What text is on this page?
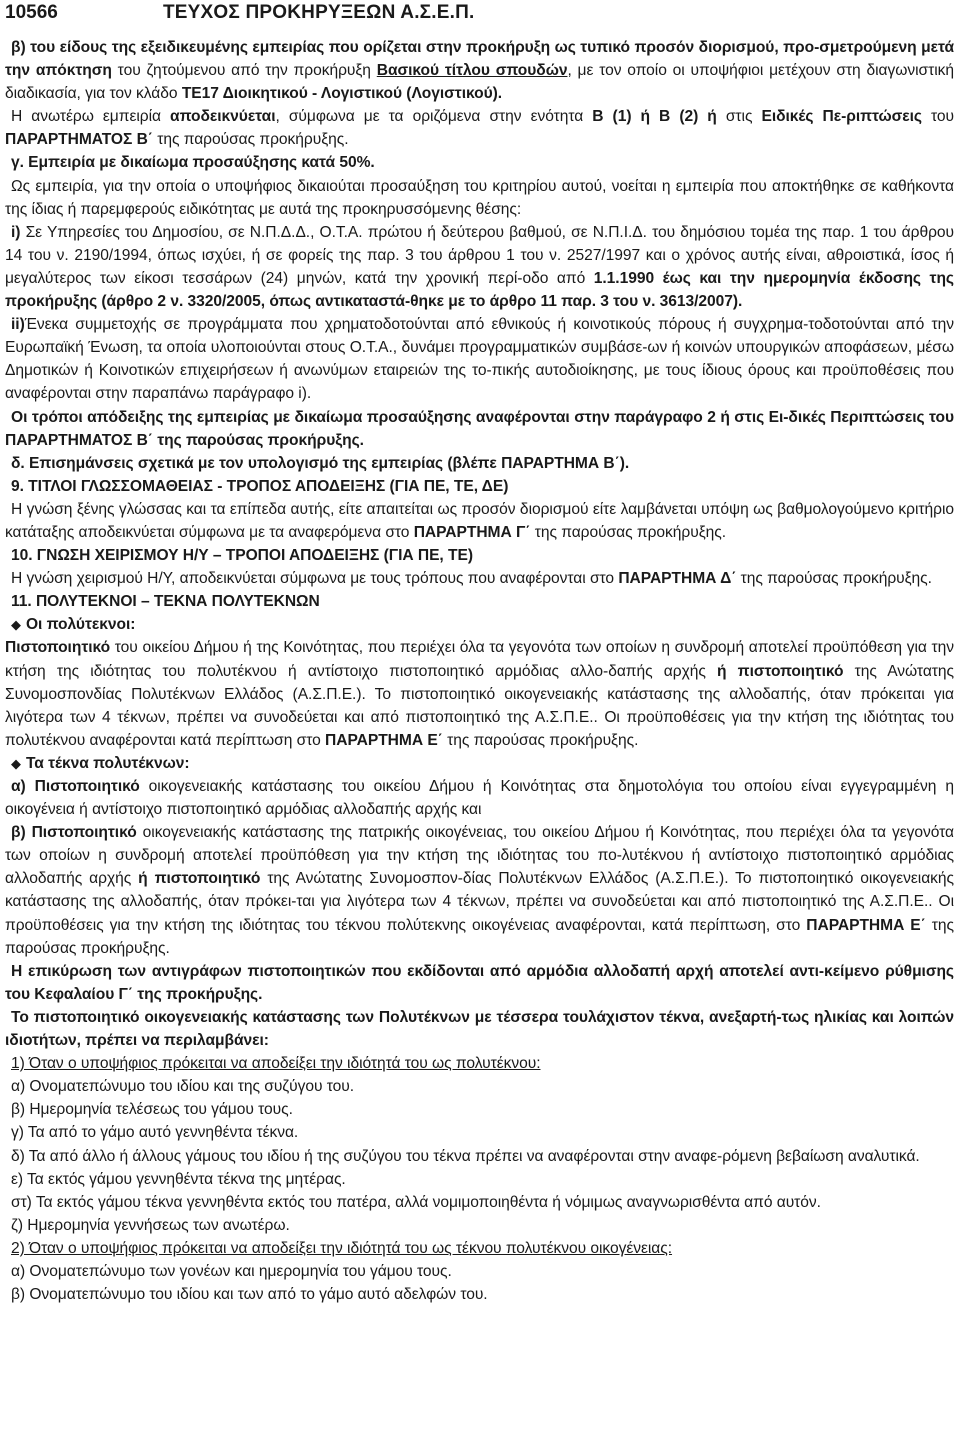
10566	ΤΕΥΧΟΣ ΠΡΟΚΗΡΥΞΕΩΝ Α.Σ.Ε.Π.

β) του είδους της εξειδικευμένης εμπειρίας που ορίζεται στην προκήρυξη ως τυπικό προσόν διορισμού, προ-σμετρούμενη μετά την απόκτηση του ζητούμενου από την προκήρυξη Βασικού τίτλου σπουδών, με τον οποίο οι υποψήφιοι μετέχουν στη διαγωνιστική διαδικασία, για τον κλάδο ΤΕ17 Διοικητικού - Λογιστικού (Λογιστικού).

Η ανωτέρω εμπειρία αποδεικνύεται, σύμφωνα με τα οριζόμενα στην ενότητα Β (1) ή Β (2) ή στις Ειδικές Πε-ριπτώσεις του ΠΑΡΑΡΤΗΜΑΤΟΣ Β΄ της παρούσας προκήρυξης.

γ. Εμπειρία με δικαίωμα προσαύξησης κατά 50%.

Ως εμπειρία, για την οποία ο υποψήφιος δικαιούται προσαύξηση του κριτηρίου αυτού, νοείται η εμπειρία που αποκτήθηκε σε καθήκοντα της ίδιας ή παρεμφερούς ειδικότητας με αυτά της προκηρυσσόμενης θέσης:

i) Σε Υπηρεσίες του Δημοσίου, σε Ν.Π.Δ.Δ., Ο.Τ.Α. πρώτου ή δεύτερου βαθμού, σε Ν.Π.Ι.Δ. του δημόσιου τομέα της παρ. 1 του άρθρου 14 του ν. 2190/1994, όπως ισχύει, ή σε φορείς της παρ. 3 του άρθρου 1 του ν. 2527/1997 και ο χρόνος αυτής είναι, αθροιστικά, ίσος ή μεγαλύτερος των είκοσι τεσσάρων (24) μηνών, κατά την χρονική περί-οδο από 1.1.1990 έως και την ημερομηνία έκδοσης της προκήρυξης (άρθρο 2 ν. 3320/2005, όπως αντικαταστά-θηκε με το άρθρο 11 παρ. 3 του ν. 3613/2007).

ii)Ένεκα συμμετοχής σε προγράμματα που χρηματοδοτούνται από εθνικούς ή κοινοτικούς πόρους ή συγχρημα-τοδοτούνται από την Ευρωπαϊκή Ένωση, τα οποία υλοποιούνται στους Ο.Τ.Α., δυνάμει προγραμματικών συμβάσε-ων ή κοινών υπουργικών αποφάσεων, μέσω Δημοτικών ή Κοινοτικών επιχειρήσεων ή ανωνύμων εταιρειών της το-πικής αυτοδιοίκησης, με τους ίδιους όρους και προϋποθέσεις που αναφέρονται στην παραπάνω παράγραφο i).

Οι τρόποι απόδειξης της εμπειρίας με δικαίωμα προσαύξησης αναφέρονται στην παράγραφο 2 ή στις Ει-δικές Περιπτώσεις του ΠΑΡΑΡΤΗΜΑΤΟΣ Β΄ της παρούσας προκήρυξης.

δ. Επισημάνσεις σχετικά με τον υπολογισμό της εμπειρίας (βλέπε ΠΑΡΑΡΤΗΜΑ Β΄).

9. ΤΙΤΛΟΙ ΓΛΩΣΣΟΜΑΘΕΙΑΣ - ΤΡΟΠΟΣ ΑΠΟΔΕΙΞΗΣ (ΓΙΑ ΠΕ, ΤΕ, ΔΕ)

Η γνώση ξένης γλώσσας και τα επίπεδα αυτής, είτε απαιτείται ως προσόν διορισμού είτε λαμβάνεται υπόψη ως βαθμολογούμενο κριτήριο κατάταξης αποδεικνύεται σύμφωνα με τα αναφερόμενα στο ΠΑΡΑΡΤΗΜΑ Γ΄ της παρούσας προκήρυξης.

10. ΓΝΩΣΗ ΧΕΙΡΙΣΜΟΥ Η/Υ – ΤΡΟΠΟΙ ΑΠΟΔΕΙΞΗΣ (ΓΙΑ ΠΕ, ΤΕ)

Η γνώση χειρισμού Η/Υ, αποδεικνύεται σύμφωνα με τους τρόπους που αναφέρονται στο ΠΑΡΑΡΤΗΜΑ Δ΄ της παρούσας προκήρυξης.

11. ΠΟΛΥΤΕΚΝΟΙ – ΤΕΚΝΑ ΠΟΛΥΤΕΚΝΩΝ

◆ Οι πολύτεκνοι:

Πιστοποιητικό του οικείου Δήμου ή της Κοινότητας, που περιέχει όλα τα γεγονότα των οποίων η συνδρομή αποτελεί προϋπόθεση για την κτήση της ιδιότητας του πολυτέκνου ή αντίστοιχο πιστοποιητικό αρμόδιας αλλο-δαπής αρχής ή πιστοποιητικό της Ανώτατης Συνομοσπονδίας Πολυτέκνων Ελλάδος (Α.Σ.Π.Ε.). Το πιστοποιητικό οικογενειακής κατάστασης της αλλοδαπής, όταν πρόκειται για λιγότερα των 4 τέκνων, πρέπει να συνοδεύεται και από πιστοποιητικό της Α.Σ.Π.Ε.. Οι προϋποθέσεις για την κτήση της ιδιότητας του πολυτέκνου αναφέρονται κατά περίπτωση στο ΠΑΡΑΡΤΗΜΑ Ε΄ της παρούσας προκήρυξης.

◆ Τα τέκνα πολυτέκνων:

α) Πιστοποιητικό οικογενειακής κατάστασης του οικείου Δήμου ή Κοινότητας στα δημοτολόγια του οποίου είναι εγγεγραμμένη η οικογένεια ή αντίστοιχο πιστοποιητικό αρμόδιας αλλοδαπής αρχής και

β) Πιστοποιητικό οικογενειακής κατάστασης της πατρικής οικογένειας, του οικείου Δήμου ή Κοινότητας, που περιέχει όλα τα γεγονότα των οποίων η συνδρομή αποτελεί προϋπόθεση για την κτήση της ιδιότητας του πο-λυτέκνου ή αντίστοιχο πιστοποιητικό αρμόδιας αλλοδαπής αρχής ή πιστοποιητικό της Ανώτατης Συνομοσπον-δίας Πολυτέκνων Ελλάδος (Α.Σ.Π.Ε.). Το πιστοποιητικό οικογενειακής κατάστασης της αλλοδαπής, όταν πρόκει-ται για λιγότερα των 4 τέκνων, πρέπει να συνοδεύεται και από πιστοποιητικό της Α.Σ.Π.Ε.. Οι προϋποθέσεις για την κτήση της ιδιότητας του τέκνου πολύτεκνης οικογένειας αναφέρονται, κατά περίπτωση, στο ΠΑΡΑΡΤΗΜΑ Ε΄ της παρούσας προκήρυξης.

Η επικύρωση των αντιγράφων πιστοποιητικών που εκδίδονται από αρμόδια αλλοδαπή αρχή αποτελεί αντι-κείμενο ρύθμισης του Κεφαλαίου Γ΄ της προκήρυξης.

Το πιστοποιητικό οικογενειακής κατάστασης των Πολυτέκνων με τέσσερα τουλάχιστον τέκνα, ανεξαρτή-τως ηλικίας και λοιπών ιδιοτήτων, πρέπει να περιλαμβάνει:

1) Όταν ο υποψήφιος πρόκειται να αποδείξει την ιδιότητά του ως πολυτέκνου:

α) Ονοματεπώνυμο του ιδίου και της συζύγου του.

β) Ημερομηνία τελέσεως του γάμου τους.

γ) Τα από το γάμο αυτό γεννηθέντα τέκνα.

δ) Τα από άλλο ή άλλους γάμους του ιδίου ή της συζύγου του τέκνα πρέπει να αναφέρονται στην αναφε-ρόμενη βεβαίωση αναλυτικά.

ε) Τα εκτός γάμου γεννηθέντα τέκνα της μητέρας.

στ) Τα εκτός γάμου τέκνα γεννηθέντα εκτός του πατέρα, αλλά νομιμοποιηθέντα ή νόμιμως αναγνωρισθέντα από αυτόν.

ζ) Ημερομηνία γεννήσεως των ανωτέρω.

2) Όταν ο υποψήφιος πρόκειται να αποδείξει την ιδιότητά του ως τέκνου πολυτέκνου οικογένειας:

α) Ονοματεπώνυμο των γονέων και ημερομηνία του γάμου τους.

β) Ονοματεπώνυμο του ιδίου και των από το γάμο αυτό αδελφών του.
